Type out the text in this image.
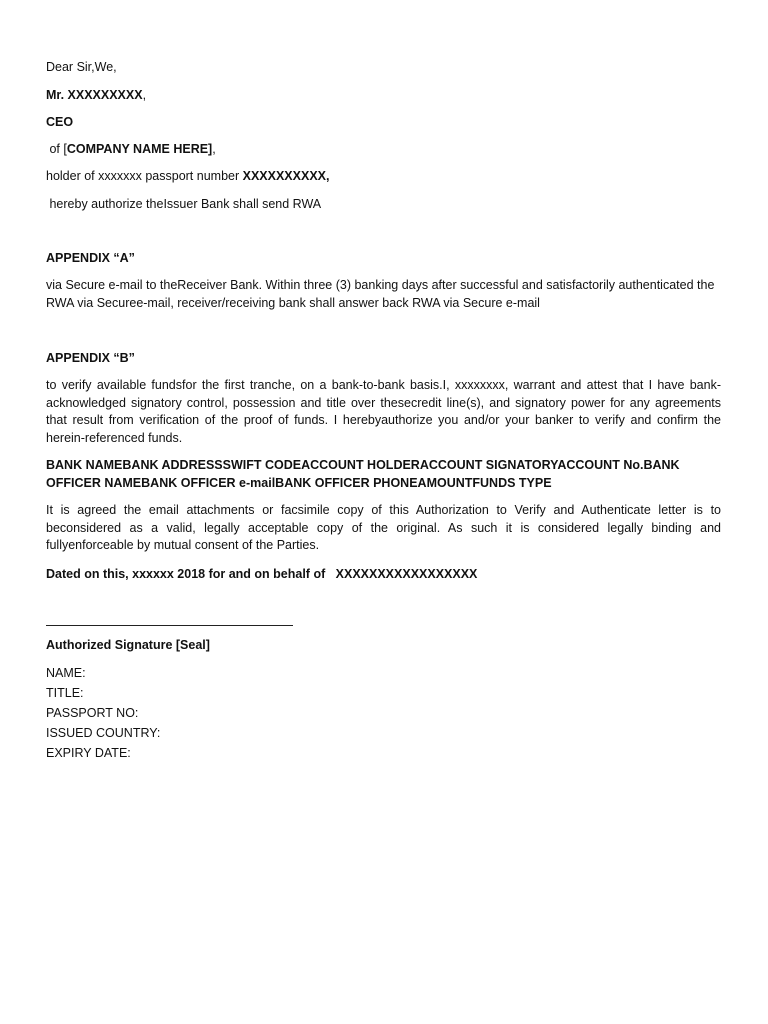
Dear Sir,We,
Mr. XXXXXXXXX,
CEO
of [COMPANY NAME HERE],
holder of xxxxxxx passport number XXXXXXXXXX,
hereby authorize theIssuer Bank shall send RWA
APPENDIX “A”
via Secure e-mail to theReceiver Bank. Within three (3) banking days after successful and satisfactorily authenticated the RWA via Securee-mail, receiver/receiving bank shall answer back RWA via Secure e-mail
APPENDIX “B”
to verify available fundsfor the first tranche, on a bank-to-bank basis.I, xxxxxxxx, warrant and attest that I have bank-acknowledged signatory control, possession and title over thesecredit line(s), and signatory power for any agreements that result from verification of the proof of funds. I herebyauthorize you and/or your banker to verify and confirm the herein-referenced funds.
BANK NAMEBANK ADDRESSSWIFT CODEACCOUNT HOLDERACCOUNT SIGNATORYACCOUNT No.BANK OFFICER NAMEBANK OFFICER e-mailBANK OFFICER PHONEAMOUNTFUNDS TYPE
It is agreed the email attachments or facsimile copy of this Authorization to Verify and Authenticate letter is to beconsidered as a valid, legally acceptable copy of the original. As such it is considered legally binding and fullyenforceable by mutual consent of the Parties.
Dated on this, xxxxxx 2018 for and on behalf of   XXXXXXXXXXXXXXXXX
Authorized Signature [Seal]
NAME:
TITLE:
PASSPORT NO:
ISSUED COUNTRY:
EXPIRY DATE:
